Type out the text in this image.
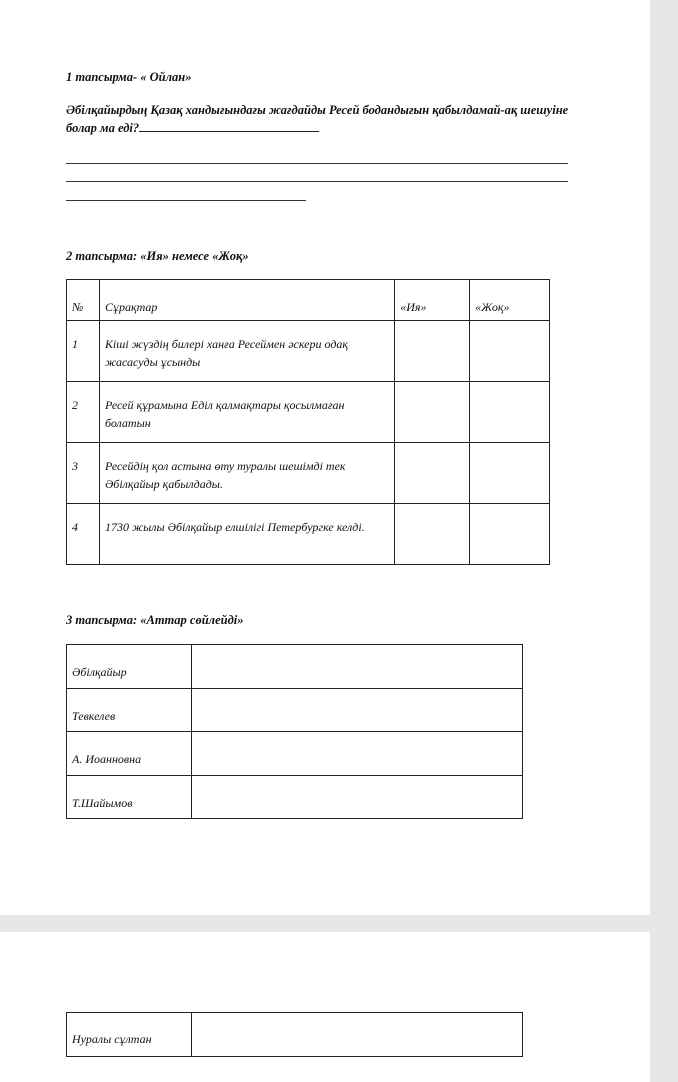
1 тапсырма- « Ойлан»
Әбілқайырдың Қазақ хандығындағы жағдайды Ресей бодандығын қабылдамай-ақ шешуіне болар ма еді?
2 тапсырма: «Ия» немесе «Жоқ»
№	Сұрақтар	«Ия»	«Жоқ»
1	Кіші жүздің билері ханға Ресеймен әскери одақ жасасуды ұсынды		
2	Ресей құрамына Еділ қалмақтары қосылмаған болатын		
3	Ресейдің қол астына өту туралы шешімді тек Әбілқайыр қабылдады.		
4	1730 жылы Әбілқайыр елшілігі Петербургке келді.		
3 тапсырма: «Аттар сөйлейді»
Әбілқайыр	
Тевкелев	
А. Иоанновна	
Т.Шайымов	
Нуралы сұлтан	
